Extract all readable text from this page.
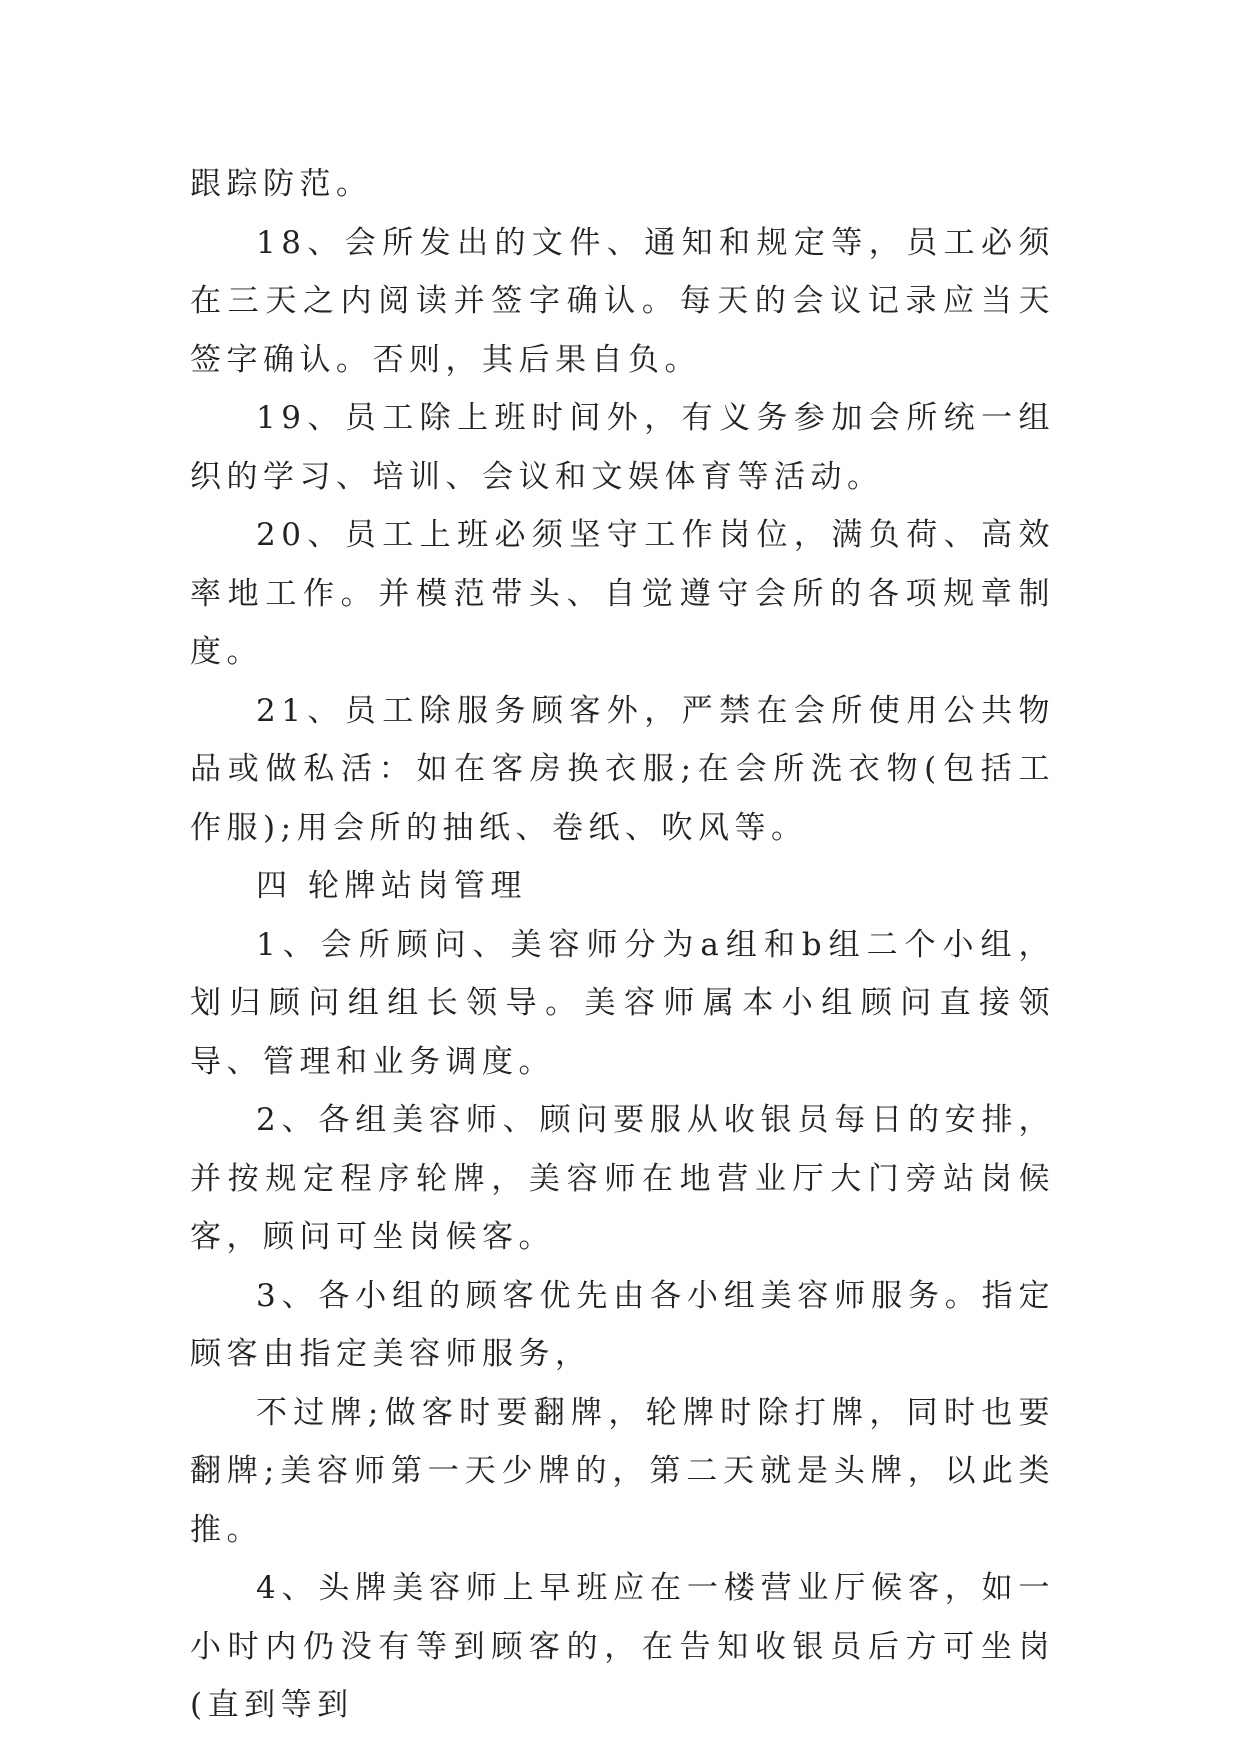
跟踪防范。

18、会所发出的文件、通知和规定等，员工必须在三天之内阅读并签字确认。每天的会议记录应当天签字确认。否则，其后果自负。

19、员工除上班时间外，有义务参加会所统一组织的学习、培训、会议和文娱体育等活动。

20、员工上班必须坚守工作岗位，满负荷、高效率地工作。并模范带头、自觉遵守会所的各项规章制度。

21、员工除服务顾客外，严禁在会所使用公共物品或做私活：如在客房换衣服;在会所洗衣物(包括工作服);用会所的抽纸、卷纸、吹风等。

四 轮牌站岗管理

1、会所顾问、美容师分为a组和b组二个小组，划归顾问组组长领导。美容师属本小组顾问直接领导、管理和业务调度。

2、各组美容师、顾问要服从收银员每日的安排，并按规定程序轮牌，美容师在地营业厅大门旁站岗候客，顾问可坐岗候客。

3、各小组的顾客优先由各小组美容师服务。指定顾客由指定美容师服务，

不过牌;做客时要翻牌，轮牌时除打牌，同时也要翻牌;美容师第一天少牌的，第二天就是头牌，以此类推。

4、头牌美容师上早班应在一楼营业厅候客，如一小时内仍没有等到顾客的，在告知收银员后方可坐岗(直到等到
